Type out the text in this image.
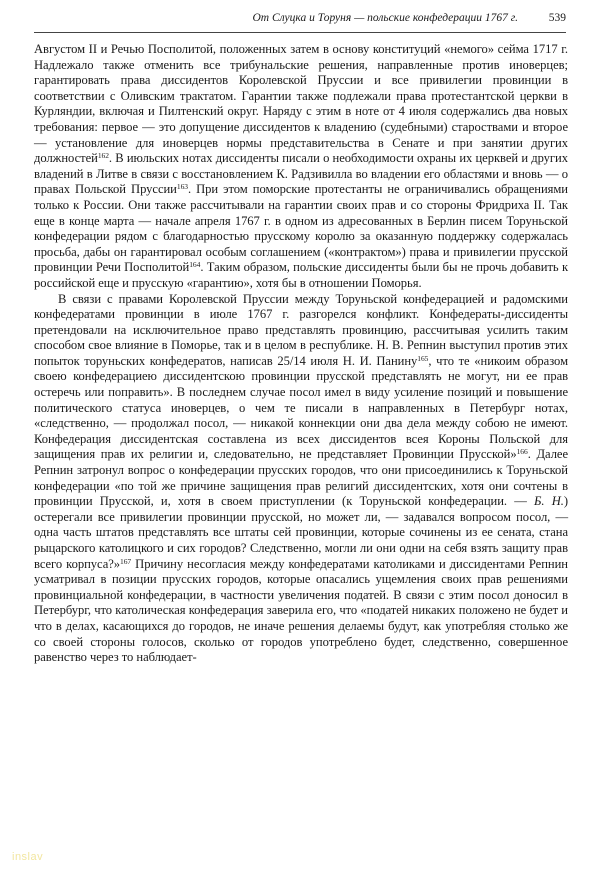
От Слуцка и Торуня — польские конфедерации 1767 г.	539

Августом II и Речью Посполитой, положенных затем в основу конституций «немого» сейма 1717 г. Надлежало также отменить все трибунальские решения, направленные против иноверцев; гарантировать права диссидентов Королевской Пруссии и все привилегии провинции в соответствии с Оливским трактатом. Гарантии также подлежали права протестантской церкви в Курляндии, включая и Пилтенский округ. Наряду с этим в ноте от 4 июля содержались два новых требования: первое — это допущение диссидентов к владению (судебными) староствами и второе — установление для иноверцев нормы представительства в Сенате и при занятии других должностей$^{162}$. В июльских нотах диссиденты писали о необходимости охраны их церквей и других владений в Литве в связи с восстановлением К. Радзивилла во владении его областями и вновь — о правах Польской Пруссии$^{163}$. При этом поморские протестанты не ограничивались обращениями только к России. Они также рассчитывали на гарантии своих прав и со стороны Фридриха II. Так еще в конце марта — начале апреля 1767 г. в одном из адресованных в Берлин писем Торуньской конфедерации рядом с благодарностью прусскому королю за оказанную поддержку содержалась просьба, дабы он гарантировал особым соглашением («контрактом») права и привилегии прусской провинции Речи Посполитой$^{164}$. Таким образом, польские диссиденты были бы не прочь добавить к российской еще и прусскую «гарантию», хотя бы в отношении Поморья.

В связи с правами Королевской Пруссии между Торуньской конфедерацией и радомскими конфедератами провинции в июле 1767 г. разгорелся конфликт. Конфедераты-диссиденты претендовали на исключительное право представлять провинцию, рассчитывая усилить таким способом свое влияние в Поморье, так и в целом в республике. Н. В. Репнин выступил против этих попыток торуньских конфедератов, написав 25/14 июля Н. И. Панину$^{165}$, что те «никоим образом своею конфедерациею диссидентскою провинции прусской представлять не могут, ни ее прав остеречь или поправить». В последнем случае посол имел в виду усиление позиций и повышение политического статуса иноверцев, о чем те писали в направленных в Петербург нотах, «следственно, — продолжал посол, — никакой коннекции они два дела между собою не имеют. Конфедерация диссидентская составлена из всех диссидентов всея Короны Польской для защищения прав их религии и, следовательно, не представляет Провинции Прусской»$^{166}$. Далее Репнин затронул вопрос о конфедерации прусских городов, что они присоединились к Торуньской конфедерации «по той же причине защищения прав религий диссидентских, хотя они сочтены в провинции Прусской, и, хотя в своем приступлении (к Торуньской конфедерации. — Б. Н.) остерегали все привилегии провинции прусской, но может ли, — задавался вопросом посол, — одна часть штатов представлять все штаты сей провинции, которые сочинены из ее сената, стана рыцарского католицкого и сих городов? Следственно, могли ли они одни на себя взять защиту прав всего корпуса?»$^{167}$ Причину несогласия между конфедератами католиками и диссидентами Репнин усматривал в позиции прусских городов, которые опасались ущемления своих прав решениями провинциальной конфедерации, в частности увеличения податей. В связи с этим посол доносил в Петербург, что католическая конфедерация заверила его, что «податей никаких положено не будет и что в делах, касающихся до городов, не иначе решения делаемы будут, как употребляя столько же со своей стороны голосов, сколько от городов употреблено будет, следственно, совершенное равенство через то наблюдает-

inslav
